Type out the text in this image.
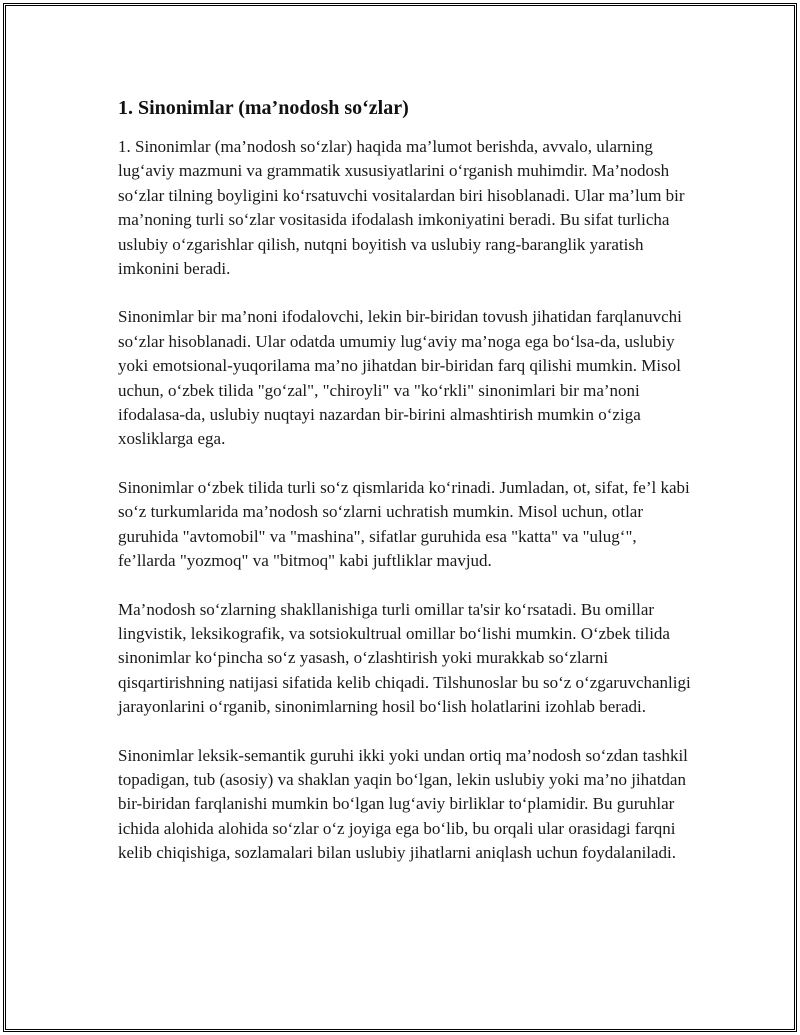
1. Sinonimlar (ma’nodosh so‘zlar)

1. Sinonimlar (ma’nodosh so‘zlar) haqida ma’lumot berishda, avvalo, ularning lug‘aviy mazmuni va grammatik xususiyatlarini o‘rganish muhimdir. Ma’nodosh so‘zlar tilning boyligini ko‘rsatuvchi vositalardan biri hisoblanadi. Ular ma’lum bir ma’noning turli so‘zlar vositasida ifodalash imkoniyatini beradi. Bu sifat turlicha uslubiy o‘zgarishlar qilish, nutqni boyitish va uslubiy rang-baranglik yaratish imkonini beradi.

Sinonimlar bir ma’noni ifodalovchi, lekin bir-biridan tovush jihatidan farqlanuvchi so‘zlar hisoblanadi. Ular odatda umumiy lug‘aviy ma’noga ega bo‘lsa-da, uslubiy yoki emotsional-yuqorilama ma’no jihatdan bir-biridan farq qilishi mumkin. Misol uchun, o‘zbek tilida "go‘zal", "chiroyli" va "ko‘rkli" sinonimlari bir ma’noni ifodalasa-da, uslubiy nuqtayi nazardan bir-birini almashtirish mumkin o‘ziga xosliklarga ega.

Sinonimlar o‘zbek tilida turli so‘z qismlarida ko‘rinadi. Jumladan, ot, sifat, fe’l kabi so‘z turkumlarida ma’nodosh so‘zlarni uchratish mumkin. Misol uchun, otlar guruhida "avtomobil" va "mashina", sifatlar guruhida esa "katta" va "ulug‘", fe’llarda "yozmoq" va "bitmoq" kabi juftliklar mavjud.

Ma’nodosh so‘zlarning shakllanishiga turli omillar ta'sir ko‘rsatadi. Bu omillar lingvistik, leksikografik, va sotsiokultrual omillar bo‘lishi mumkin. O‘zbek tilida sinonimlar ko‘pincha so‘z yasash, o‘zlashtirish yoki murakkab so‘zlarni qisqartirishning natijasi sifatida kelib chiqadi. Tilshunoslar bu so‘z o‘zgaruvchanligi jarayonlarini o‘rganib, sinonimlarning hosil bo‘lish holatlarini izohlab beradi.

Sinonimlar leksik-semantik guruhi ikki yoki undan ortiq ma’nodosh so‘zdan tashkil topadigan, tub (asosiy) va shaklan yaqin bo‘lgan, lekin uslubiy yoki ma’no jihatdan bir-biridan farqlanishi mumkin bo‘lgan lug‘aviy birliklar to‘plamidir. Bu guruhlar ichida alohida alohida so‘zlar o‘z joyiga ega bo‘lib, bu orqali ular orasidagi farqni kelib chiqishiga, sozlamalari bilan uslubiy jihatlarni aniqlash uchun foydalaniladi.
